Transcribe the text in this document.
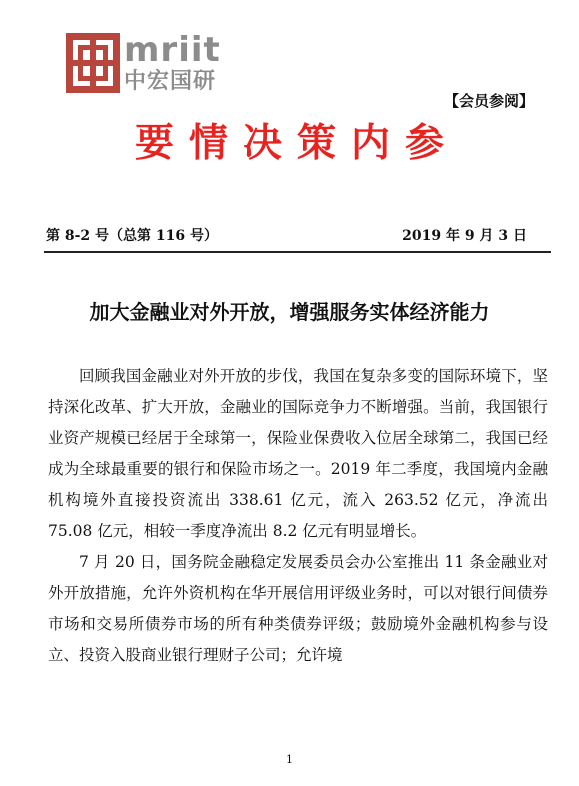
mriit
中宏国研
【会员参阅】
要情决策内参
第 8-2 号（总第 116 号）	2019 年 9 月 3 日
加大金融业对外开放，增强服务实体经济能力

回顾我国金融业对外开放的步伐，我国在复杂多变的国际环境下，坚持深化改革、扩大开放，金融业的国际竞争力不断增强。当前，我国银行业资产规模已经居于全球第一，保险业保费收入位居全球第二，我国已经成为全球最重要的银行和保险市场之一。2019 年二季度，我国境内金融机构境外直接投资流出 338.61 亿元，流入 263.52 亿元，净流出 75.08 亿元，相较一季度净流出 8.2 亿元有明显增长。

7 月 20 日，国务院金融稳定发展委员会办公室推出 11 条金融业对外开放措施，允许外资机构在华开展信用评级业务时，可以对银行间债券市场和交易所债券市场的所有种类债券评级；鼓励境外金融机构参与设立、投资入股商业银行理财子公司；允许境

1
